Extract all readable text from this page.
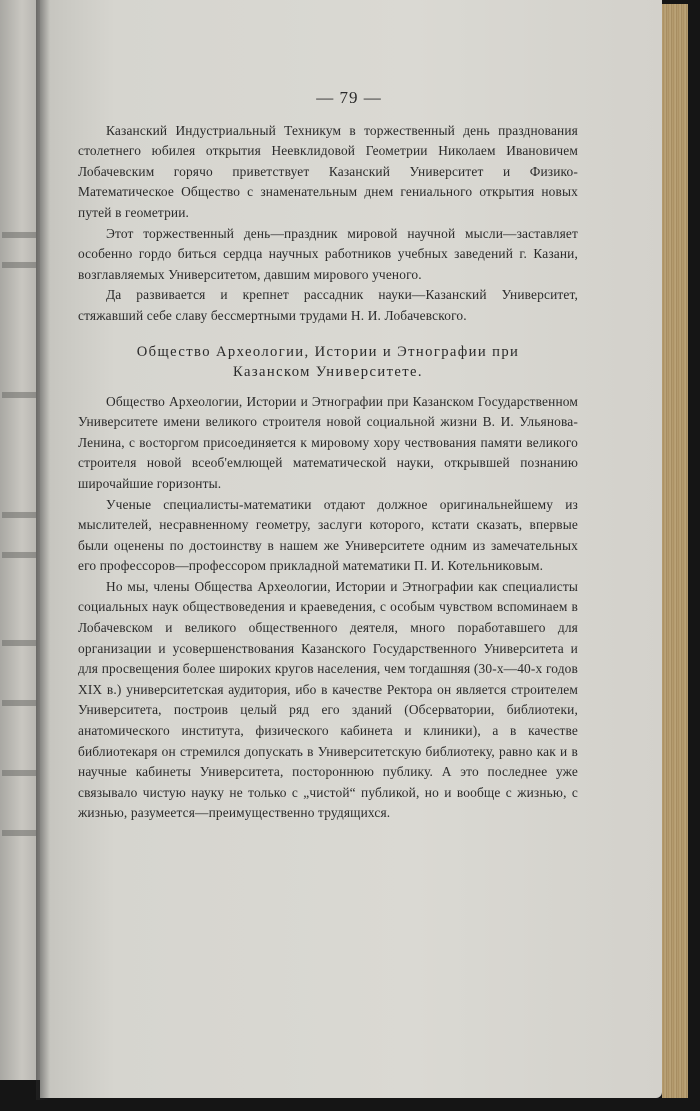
— 79 —

Казанский Индустриальный Техникум в торжественный день празднования столетнего юбилея открытия Неевклидовой Геометрии Николаем Ивановичем Лобачевским горячо приветствует Казанский Университет и Физико-Математическое Общество с знаменательным днем гениального открытия новых путей в геометрии.

Этот торжественный день—праздник мировой научной мысли—заставляет особенно гордо биться сердца научных работников учебных заведений г. Казани, возглавляемых Университетом, давшим мирового ученого.

Да развивается и крепнет рассадник науки—Казанский Университет, стяжавший себе славу бессмертными трудами Н. И. Лобачевского.

Общество Археологии, Истории и Этнографии при
Казанском Университете.

Общество Археологии, Истории и Этнографии при Казанском Государственном Университете имени великого строителя новой социальной жизни В. И. Ульянова-Ленина, с восторгом присоединяется к мировому хору чествования памяти великого строителя новой всеоб'емлющей математической науки, открывшей познанию широчайшие горизонты.

Ученые специалисты-математики отдают должное оригинальнейшему из мыслителей, несравненному геометру, заслуги которого, кстати сказать, впервые были оценены по достоинству в нашем же Университете одним из замечательных его профессоров—профессором прикладной математики П. И. Котельниковым.

Но мы, члены Общества Археологии, Истории и Этнографии как специалисты социальных наук обществоведения и краеведения, с особым чувством вспоминаем в Лобачевском и великого общественного деятеля, много поработавшего для организации и усовершенствования Казанского Государственного Университета и для просвещения более широких кругов населения, чем тогдашняя (30-х—40-х годов XIX в.) университетская аудитория, ибо в качестве Ректора он является строителем Университета, построив целый ряд его зданий (Обсерватории, библиотеки, анатомического института, физического кабинета и клиники), а в качестве библиотекаря он стремился допускать в Университетскую библиотеку, равно как и в научные кабинеты Университета, постороннюю публику. А это последнее уже связывало чистую науку не только с „чистой“ публикой, но и вообще с жизнью, с жизнью, разумеется—преимущественно трудящихся.
